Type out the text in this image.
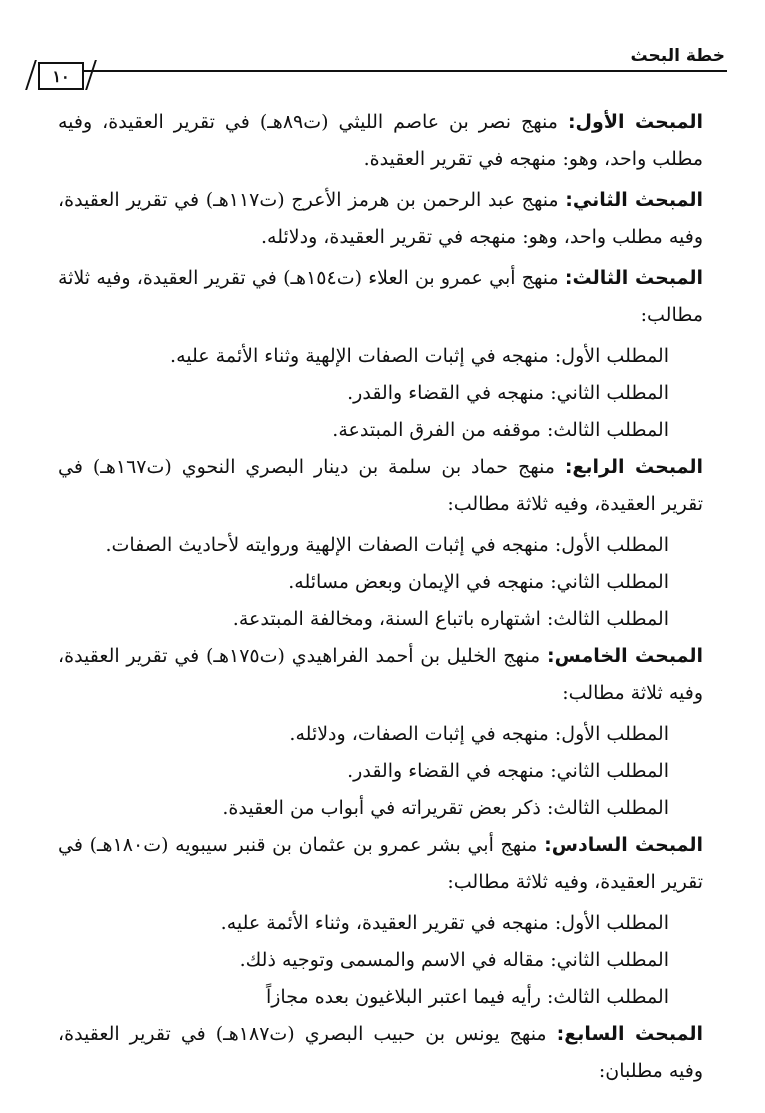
خطة البحث
١٠

المبحث الأول: منهج نصر بن عاصم الليثي (ت٨٩هـ) في تقرير العقيدة، وفيه مطلب واحد، وهو: منهجه في تقرير العقيدة.

المبحث الثاني: منهج عبد الرحمن بن هرمز الأعرج (ت١١٧هـ) في تقرير العقيدة، وفيه مطلب واحد، وهو: منهجه في تقرير العقيدة، ودلائله.

المبحث الثالث: منهج أبي عمرو بن العلاء (ت١٥٤هـ) في تقرير العقيدة، وفيه ثلاثة مطالب:

المطلب الأول: منهجه في إثبات الصفات الإلهية وثناء الأئمة عليه.

المطلب الثاني: منهجه في القضاء والقدر.

المطلب الثالث: موقفه من الفرق المبتدعة.

المبحث الرابع: منهج حماد بن سلمة بن دينار البصري النحوي (ت١٦٧هـ) في تقرير العقيدة، وفيه ثلاثة مطالب:

المطلب الأول: منهجه في إثبات الصفات الإلهية وروايته لأحاديث الصفات.

المطلب الثاني: منهجه في الإيمان وبعض مسائله.

المطلب الثالث: اشتهاره باتباع السنة، ومخالفة المبتدعة.

المبحث الخامس: منهج الخليل بن أحمد الفراهيدي (ت١٧٥هـ) في تقرير العقيدة، وفيه ثلاثة مطالب:

المطلب الأول: منهجه في إثبات الصفات، ودلائله.

المطلب الثاني: منهجه في القضاء والقدر.

المطلب الثالث: ذكر بعض تقريراته في أبواب من العقيدة.

المبحث السادس: منهج أبي بشر عمرو بن عثمان بن قنبر سيبويه (ت١٨٠هـ) في تقرير العقيدة، وفيه ثلاثة مطالب:

المطلب الأول: منهجه في تقرير العقيدة، وثناء الأئمة عليه.

المطلب الثاني: مقاله في الاسم والمسمى وتوجيه ذلك.

المطلب الثالث: رأيه فيما اعتبر البلاغيون بعده مجازاً

المبحث السابع: منهج يونس بن حبيب البصري (ت١٨٧هـ) في تقرير العقيدة، وفيه مطلبان:
